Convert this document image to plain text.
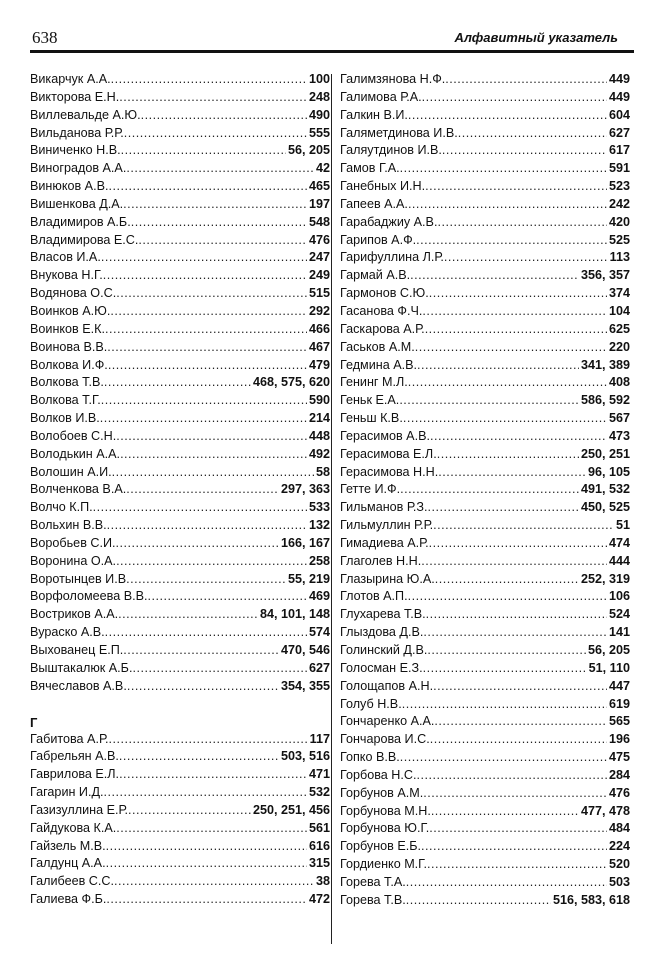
638	Алфавитный указатель
Викарчук А.А. .....	100
Викторова Е.Н. .....	248
Виллевальде А.Ю. .....	490
Вильданова Р.Р. .....	555
Виниченко Н.В. .....	56, 205
Виноградов А.А. .....	42
Винюков А.В. .....	465
Вишенкова Д.А. .....	197
Владимиров А.Б. .....	548
Владимирова Е.С. .....	476
Власов И.А. .....	247
Внукова Н.Г. .....	249
Водянова О.С. .....	515
Воинков А.Ю. .....	292
Воинков Е.К. .....	466
Воинова В.В. .....	467
Волкова И.Ф. .....	479
Волкова Т.В. .....	468, 575, 620
Волкова Т.Г. .....	590
Волков И.В. .....	214
Волобоев С.Н. .....	448
Володькин А.А. .....	492
Волошин А.И. .....	58
Волченкова В.А. .....	297, 363
Волчо К.П. .....	533
Вольхин В.В. .....	132
Воробьев С.И. .....	166, 167
Воронина О.А. .....	258
Воротынцев И.В .....	55, 219
Ворфоломеева В.В. .....	469
Востриков А.А. .....	84, 101, 148
Вураско А.В. .....	574
Выхованец Е.П. .....	470, 546
Выштакалюк А.Б. .....	627
Вячеславов А.В. .....	354, 355
Г
Габитова А.Р. .....	117
Габрельян А.В. .....	503, 516
Гаврилова Е.Л. .....	471
Гагарин И.Д. .....	532
Газизуллина Е.Р. .....	250, 251, 456
Гайдукова К.А. .....	561
Гайзель М.В. .....	616
Галдунц А.А. .....	315
Галибеев С.С. .....	38
Галиева Ф.Б. .....	472
Галимзянова Н.Ф. .....	449
Галимова Р.А. .....	449
Галкин В.И. .....	604
Галяметдинова И.В. .....	627
Галяутдинов И.В. .....	617
Гамов Г.А. .....	591
Ганебных И.Н. .....	523
Гапеев А.А. .....	242
Гарабаджиу А.В. .....	420
Гарипов А.Ф. .....	525
Гарифуллина Л.Р. .....	113
Гармай А.В. .....	356, 357
Гармонов С.Ю. .....	374
Гасанова Ф.Ч. .....	104
Гаскарова А.Р. .....	625
Гаськов А.М. .....	220
Гедмина А.В. .....	341, 389
Генинг М.Л. .....	408
Геньк Е.А. .....	586, 592
Геньш К.В. .....	567
Герасимов А.В. .....	473
Герасимова Е.Л. .....	250, 251
Герасимова Н.Н. .....	96, 105
Гетте И.Ф. .....	491, 532
Гильманов Р.З. .....	450, 525
Гильмуллин Р.Р. .....	51
Гимадиева А.Р. .....	474
Глаголев Н.Н. .....	444
Глазырина Ю.А. .....	252, 319
Глотов А.П. .....	106
Глухарева Т.В. .....	524
Глыздова Д.В. .....	141
Голинский Д.В. .....	56, 205
Голосман Е.З. .....	51, 110
Голощапов А.Н. .....	447
Голуб Н.В. .....	619
Гончаренко А.А. .....	565
Гончарова И.С. .....	196
Гопко В.В. .....	475
Горбова Н.С. .....	284
Горбунов А.М. .....	476
Горбунова М.Н. .....	477, 478
Горбунова Ю.Г. .....	484
Горбунов Е.Б. .....	224
Гордиенко М.Г. .....	520
Горева Т.А. .....	503
Горева Т.В. .....	516, 583, 618
